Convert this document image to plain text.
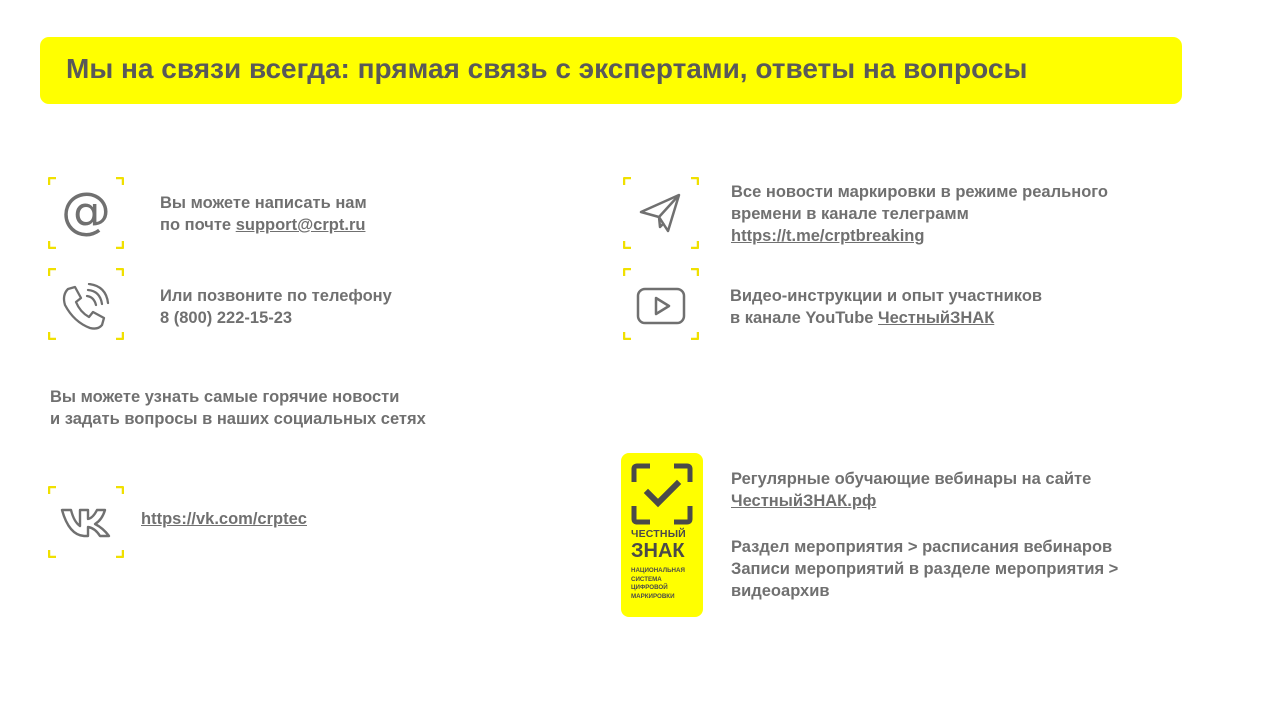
Мы на связи всегда: прямая связь с экспертами, ответы на вопросы
@	Вы можете написать нам
по почте support@crpt.ru
Или позвоните по телефону
8 (800) 222-15-23
Все новости маркировки в режиме реального
времени в канале телеграмм
https://t.me/crptbreaking
Видео-инструкции и опыт участников
в канале YouTube ЧестныйЗНАК
Вы можете узнать самые горячие новости
и задать вопросы в наших социальных сетях
https://vk.com/crptec
ЧЕСТНЫЙ
ЗНАК
НАЦИОНАЛЬНАЯ
СИСТЕМА
ЦИФРОВОЙ
МАРКИРОВКИ
Регулярные обучающие вебинары на сайте
ЧестныйЗНАК.рф
Раздел мероприятия > расписания вебинаров
Записи мероприятий в разделе мероприятия >
видеоархив
